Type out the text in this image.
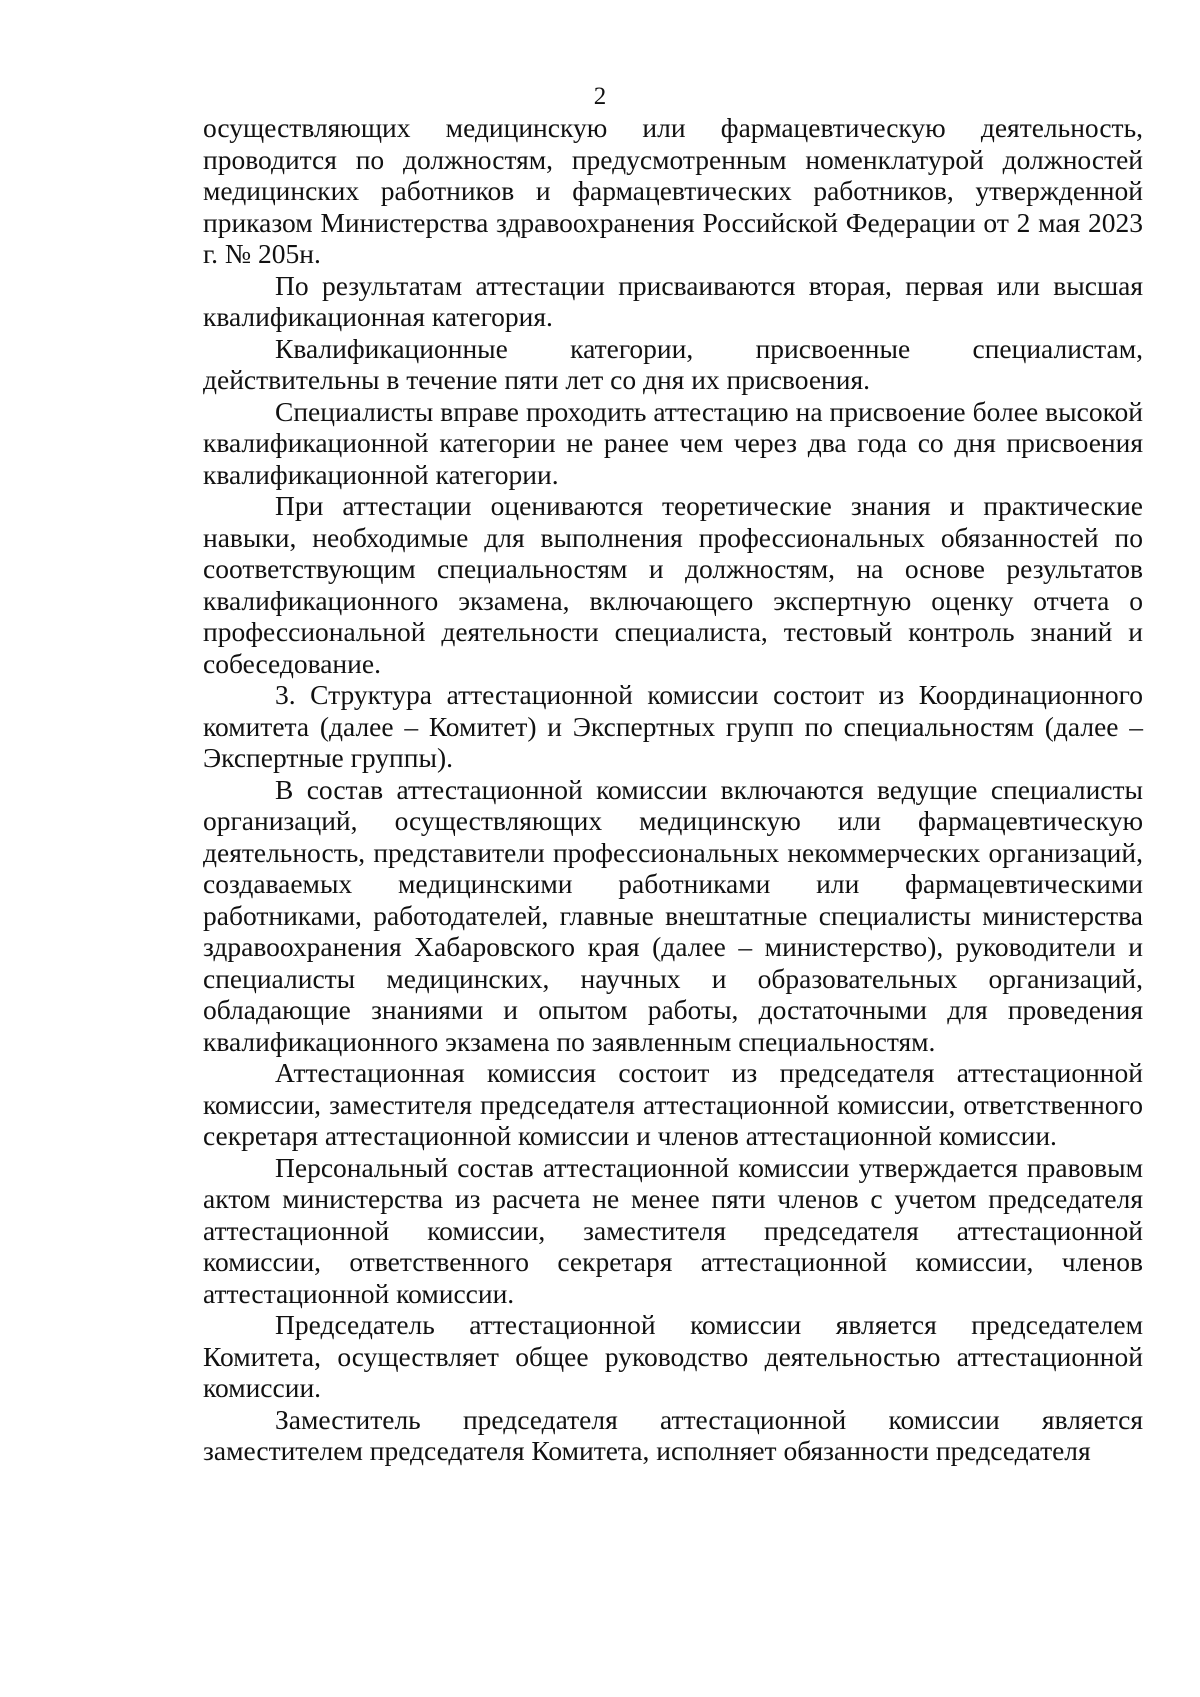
2

осуществляющих медицинскую или фармацевтическую деятельность, проводится по должностям, предусмотренным номенклатурой должностей медицинских работников и фармацевтических работников, утвержденной приказом Министерства здравоохранения Российской Федерации от 2 мая 2023 г. № 205н.

По результатам аттестации присваиваются вторая, первая или высшая квалификационная категория.

Квалификационные категории, присвоенные специалистам, действительны в течение пяти лет со дня их присвоения.

Специалисты вправе проходить аттестацию на присвоение более высокой квалификационной категории не ранее чем через два года со дня присвоения квалификационной категории.

При аттестации оцениваются теоретические знания и практические навыки, необходимые для выполнения профессиональных обязанностей по соответствующим специальностям и должностям, на основе результатов квалификационного экзамена, включающего экспертную оценку отчета о профессиональной деятельности специалиста, тестовый контроль знаний и собеседование.

3. Структура аттестационной комиссии состоит из Координационного комитета (далее – Комитет) и Экспертных групп по специальностям (далее – Экспертные группы).

В состав аттестационной комиссии включаются ведущие специалисты организаций, осуществляющих медицинскую или фармацевтическую деятельность, представители профессиональных некоммерческих организаций, создаваемых медицинскими работниками или фармацевтическими работниками, работодателей, главные внештатные специалисты министерства здравоохранения Хабаровского края (далее – министерство), руководители и специалисты медицинских, научных и образовательных организаций, обладающие знаниями и опытом работы, достаточными для проведения квалификационного экзамена по заявленным специальностям.

Аттестационная комиссия состоит из председателя аттестационной комиссии, заместителя председателя аттестационной комиссии, ответственного секретаря аттестационной комиссии и членов аттестационной комиссии.

Персональный состав аттестационной комиссии утверждается правовым актом министерства из расчета не менее пяти членов с учетом председателя аттестационной комиссии, заместителя председателя аттестационной комиссии, ответственного секретаря аттестационной комиссии, членов аттестационной комиссии.

Председатель аттестационной комиссии является председателем Комитета, осуществляет общее руководство деятельностью аттестационной комиссии.

Заместитель председателя аттестационной комиссии является заместителем председателя Комитета, исполняет обязанности председателя
